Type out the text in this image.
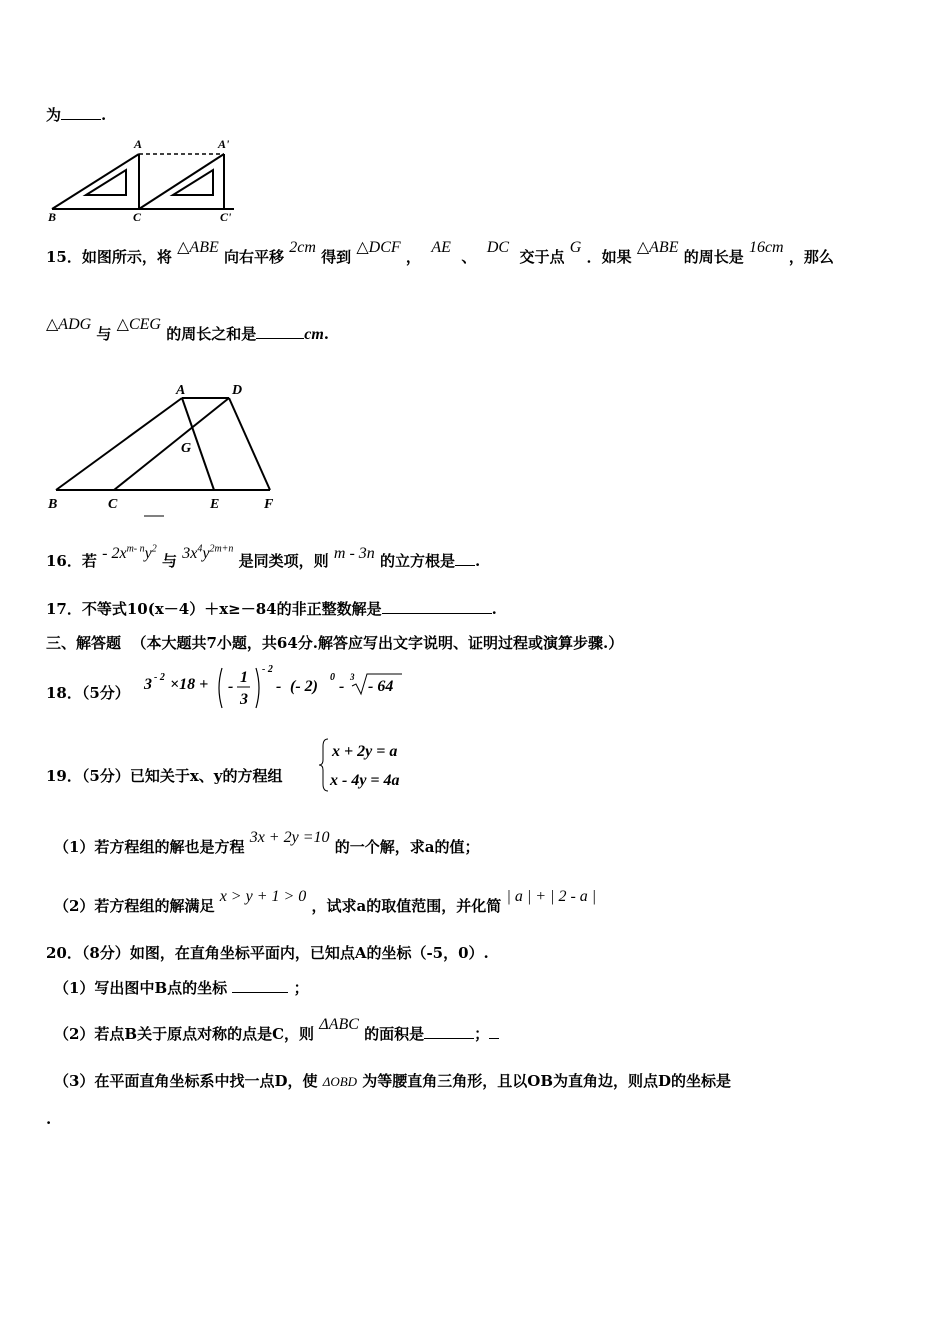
为	.
A	A'
B	C	C'
15．如图所示，将 △ABE 向右平移 2cm 得到 △DCF ，  AE  、  DC  交于点 G ．如果 △ABE 的周长是 16cm ，那么
△ADG 与 △CEG 的周长之和是	cm.
A	D
G
B	C	E	F
16．若 - $2x^{m- n}y^2$ 与 $3x^4y^{2m+n}$ 是同类项，则 m - 3n 的立方根是 .
17．不等式10(x－4）＋x≥－84的非正整数解是	.
三、解答题 （本大题共7小题，共64分.解答应写出文字说明、证明过程或演算步骤.）
18．（5分） 3 - 2 ×18 + -
1
3
- 2
- (- 2)
0
-
3
- 64
19．（5分）已知关于x、y的方程组
x + 2y = a
x - 4y = 4a
（1）若方程组的解也是方程 3x + 2y =10 的一个解，求a的值；
（2）若方程组的解满足 x > y + 1 > 0 ，试求a的取值范围，并化简 | a | + | 2 - a |
20．（8分）如图，在直角坐标平面内，已知点A的坐标（-5，0）.
（1）写出图中B点的坐标	；
（2）若点B关于原点对称的点是C，则 ΔABC 的面积是	；
（3）在平面直角坐标系中找一点D，使 ΔOBD 为等腰直角三角形，且以OB为直角边，则点D的坐标是
.
